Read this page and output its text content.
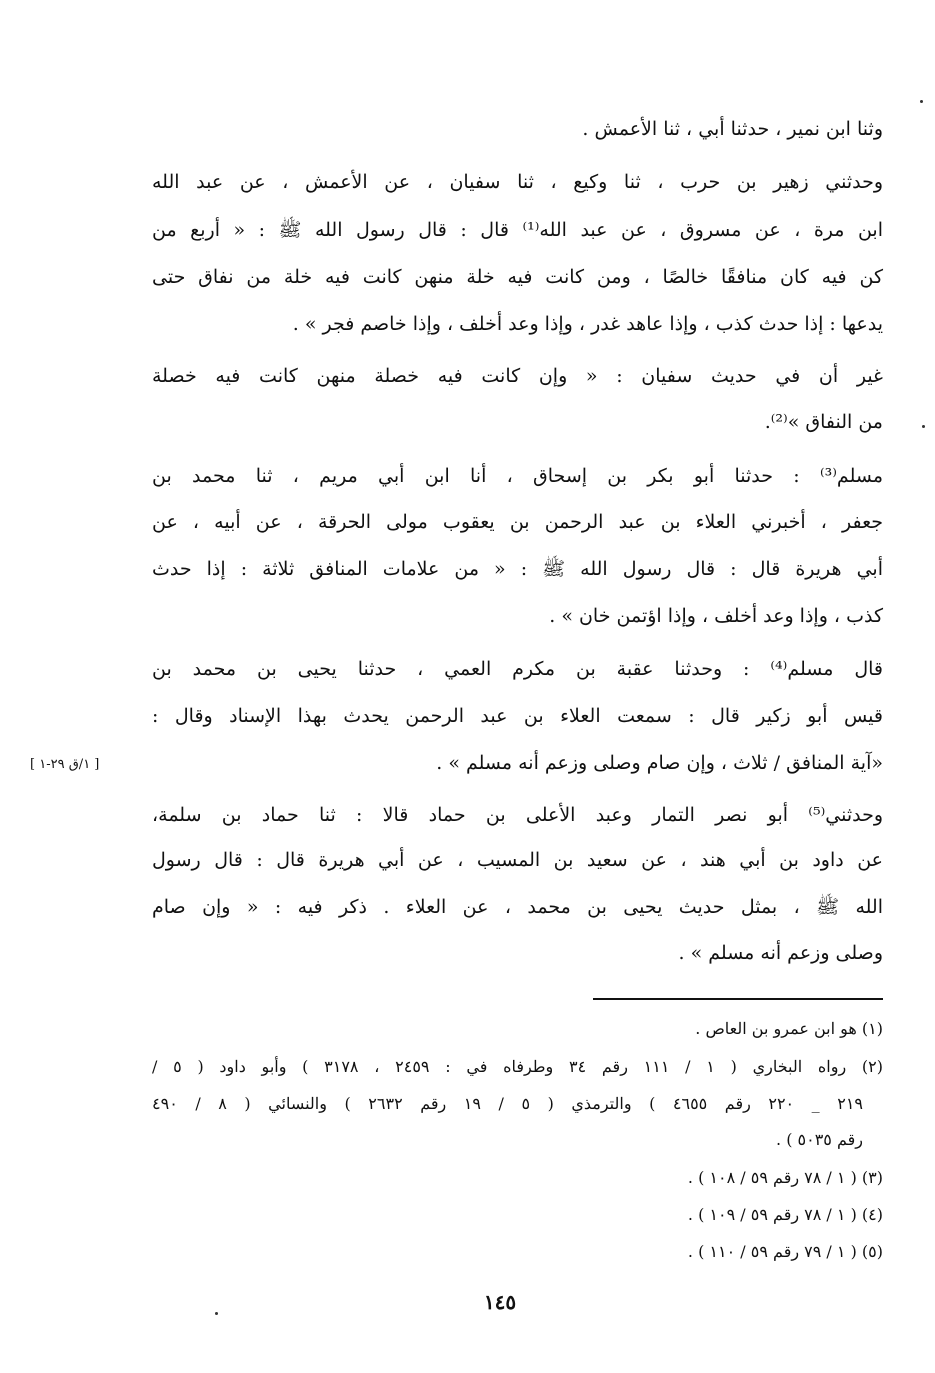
وثنا ابن نمير ، حدثنا أبي ، ثنا الأعمش .
وحدثني زهير بن حرب ، ثنا وكيع ، ثنا سفيان ، عن الأعمش ، عن عبد الله
ابن مرة ، عن مسروق ، عن عبد الله⁽¹⁾ قال : قال رسول الله ﷺ : « أربع من
كن فيه كان منافقًا خالصًا ، ومن كانت فيه خلة منهن كانت فيه خلة من نفاق حتى
يدعها : إذا حدث كذب ، وإذا عاهد غدر ، وإذا وعد أخلف ، وإذا خاصم فجر » .
غير أن في حديث سفيان : « وإن كانت فيه خصلة منهن كانت فيه خصلة
من النفاق »⁽²⁾.
مسلم⁽³⁾ : حدثنا أبو بكر بن إسحاق ، أنا ابن أبي مريم ، ثنا محمد بن
جعفر ، أخبرني العلاء بن عبد الرحمن بن يعقوب مولى الحرقة ، عن أبيه ، عن
أبي هريرة قال : قال رسول الله ﷺ : « من علامات المنافق ثلاثة : إذا حدث
كذب ، وإذا وعد أخلف ، وإذا اؤتمن خان » .
قال مسلم⁽⁴⁾ : وحدثنا عقبة بن مكرم العمي ، حدثنا يحيى بن محمد بن
قيس أبو زكير قال : سمعت العلاء بن عبد الرحمن يحدث بهذا الإسناد وقال :
«آية المنافق / ثلاث ، وإن صام وصلى وزعم أنه مسلم » .
[ ١/ق ٢٩-١ ]
وحدثني⁽⁵⁾ أبو نصر التمار وعبد الأعلى بن حماد قالا : ثنا حماد بن سلمة،
عن داود بن أبي هند ، عن سعيد بن المسيب ، عن أبي هريرة قال : قال رسول
الله ﷺ ، بمثل حديث يحيى بن محمد ، عن العلاء . ذكر فيه : « وإن صام
وصلى وزعم أنه مسلم » .
(١) هو ابن عمرو بن العاص .
(٢) رواه البخاري ( ١ / ١١١ رقم ٣٤ وطرفاه في : ٢٤٥٩ ، ٣١٧٨ ) وأبو داود ( ٥ /
٢١٩ _ ٢٢٠ رقم ٤٦٥٥ ) والترمذي ( ٥ / ١٩ رقم ٢٦٣٢ ) والنسائي ( ٨ / ٤٩٠
رقم ٥٠٣٥ ) .
(٣) ( ١ / ٧٨ رقم ٥٩ / ١٠٨ ) .
(٤) ( ١ / ٧٨ رقم ٥٩ / ١٠٩ ) .
(٥) ( ١ / ٧٩ رقم ٥٩ / ١١٠ ) .
١٤٥
